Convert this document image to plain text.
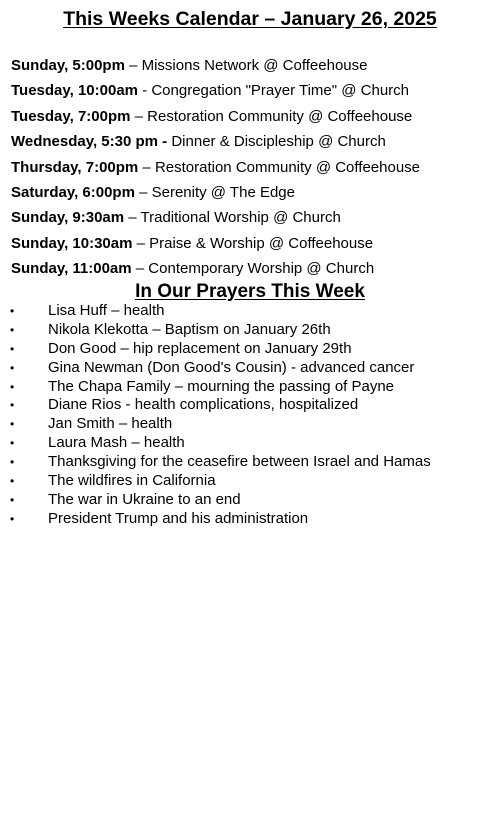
This Weeks Calendar – January 26, 2025
Sunday, 5:00pm – Missions Network @ Coffeehouse
Tuesday, 10:00am - Congregation "Prayer Time" @ Church
Tuesday, 7:00pm – Restoration Community @ Coffeehouse
Wednesday, 5:30 pm - Dinner & Discipleship @ Church
Thursday, 7:00pm – Restoration Community @ Coffeehouse
Saturday, 6:00pm – Serenity @ The Edge
Sunday, 9:30am – Traditional Worship @ Church
Sunday, 10:30am – Praise & Worship @ Coffeehouse
Sunday, 11:00am – Contemporary Worship @ Church
In Our Prayers This Week
• Lisa Huff – health
• Nikola Klekotta – Baptism on January 26th
• Don Good – hip replacement on January 29th
• Gina Newman (Don Good's Cousin) - advanced cancer
• The Chapa Family – mourning the passing of Payne
• Diane Rios - health complications, hospitalized
• Jan Smith – health
• Laura Mash – health
• Thanksgiving for the ceasefire between Israel and Hamas
• The wildfires in California
• The war in Ukraine to an end
• President Trump and his administration
